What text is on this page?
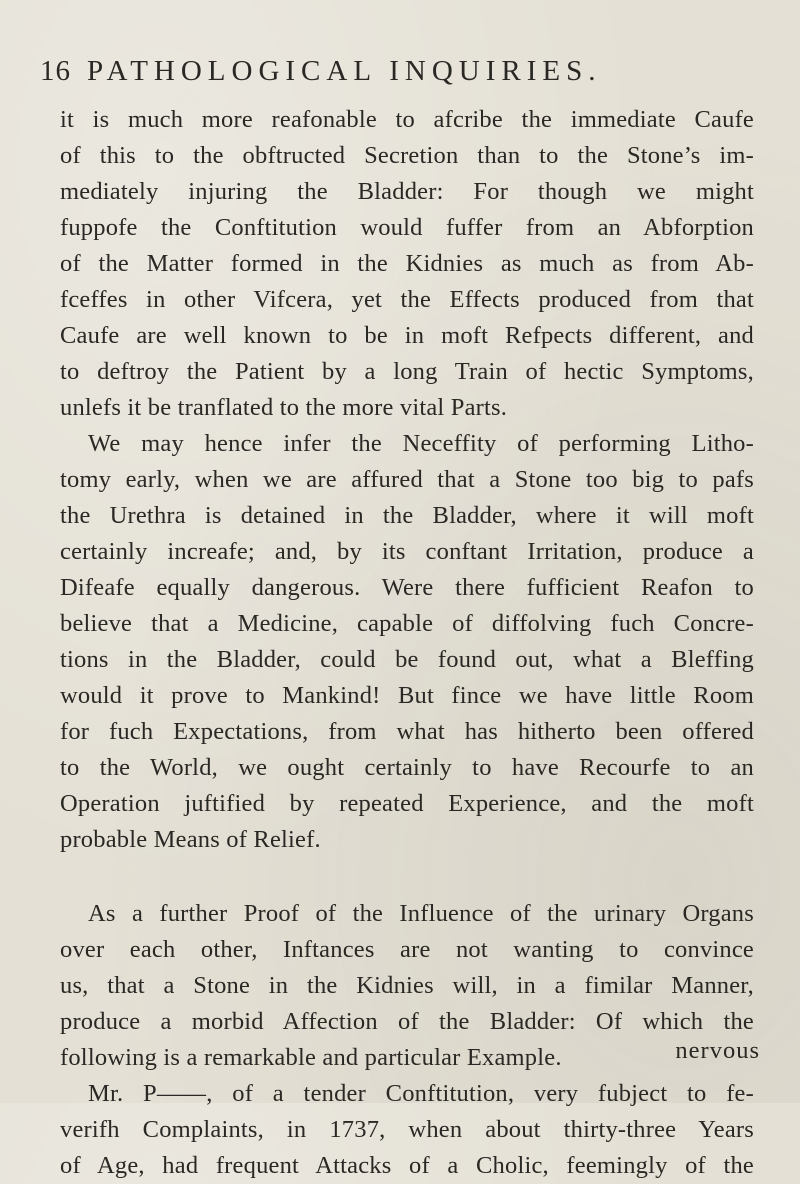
16 PATHOLOGICAL INQUIRIES.
it is much more reafonable to afcribe the immediate Caufe
of this to the obftructed Secretion than to the Stone’s im-
mediately injuring the Bladder: For though we might
fuppofe the Conftitution would fuffer from an Abforption
of the Matter formed in the Kidnies as much as from Ab-
fceffes in other Vifcera, yet the Effects produced from that
Caufe are well known to be in moft Refpects different, and
to deftroy the Patient by a long Train of hectic Symptoms,
unlefs it be tranflated to the more vital Parts.
We may hence infer the Neceffity of performing Litho-
tomy early, when we are affured that a Stone too big to pafs
the Urethra is detained in the Bladder, where it will moft
certainly increafe; and, by its conftant Irritation, produce a
Difeafe equally dangerous. Were there fufficient Reafon to
believe that a Medicine, capable of diffolving fuch Concre-
tions in the Bladder, could be found out, what a Bleffing
would it prove to Mankind! But fince we have little Room
for fuch Expectations, from what has hitherto been offered
to the World, we ought certainly to have Recourfe to an
Operation juftified by repeated Experience, and the moft
probable Means of Relief.
As a further Proof of the Influence of the urinary Organs
over each other, Inftances are not wanting to convince
us, that a Stone in the Kidnies will, in a fimilar Manner,
produce a morbid Affection of the Bladder: Of which the
following is a remarkable and particular Example.
Mr. P——, of a tender Conftitution, very fubject to fe-
verifh Complaints, in 1737, when about thirty-three Years
of Age, had frequent Attacks of a Cholic, feemingly of the
nervous
